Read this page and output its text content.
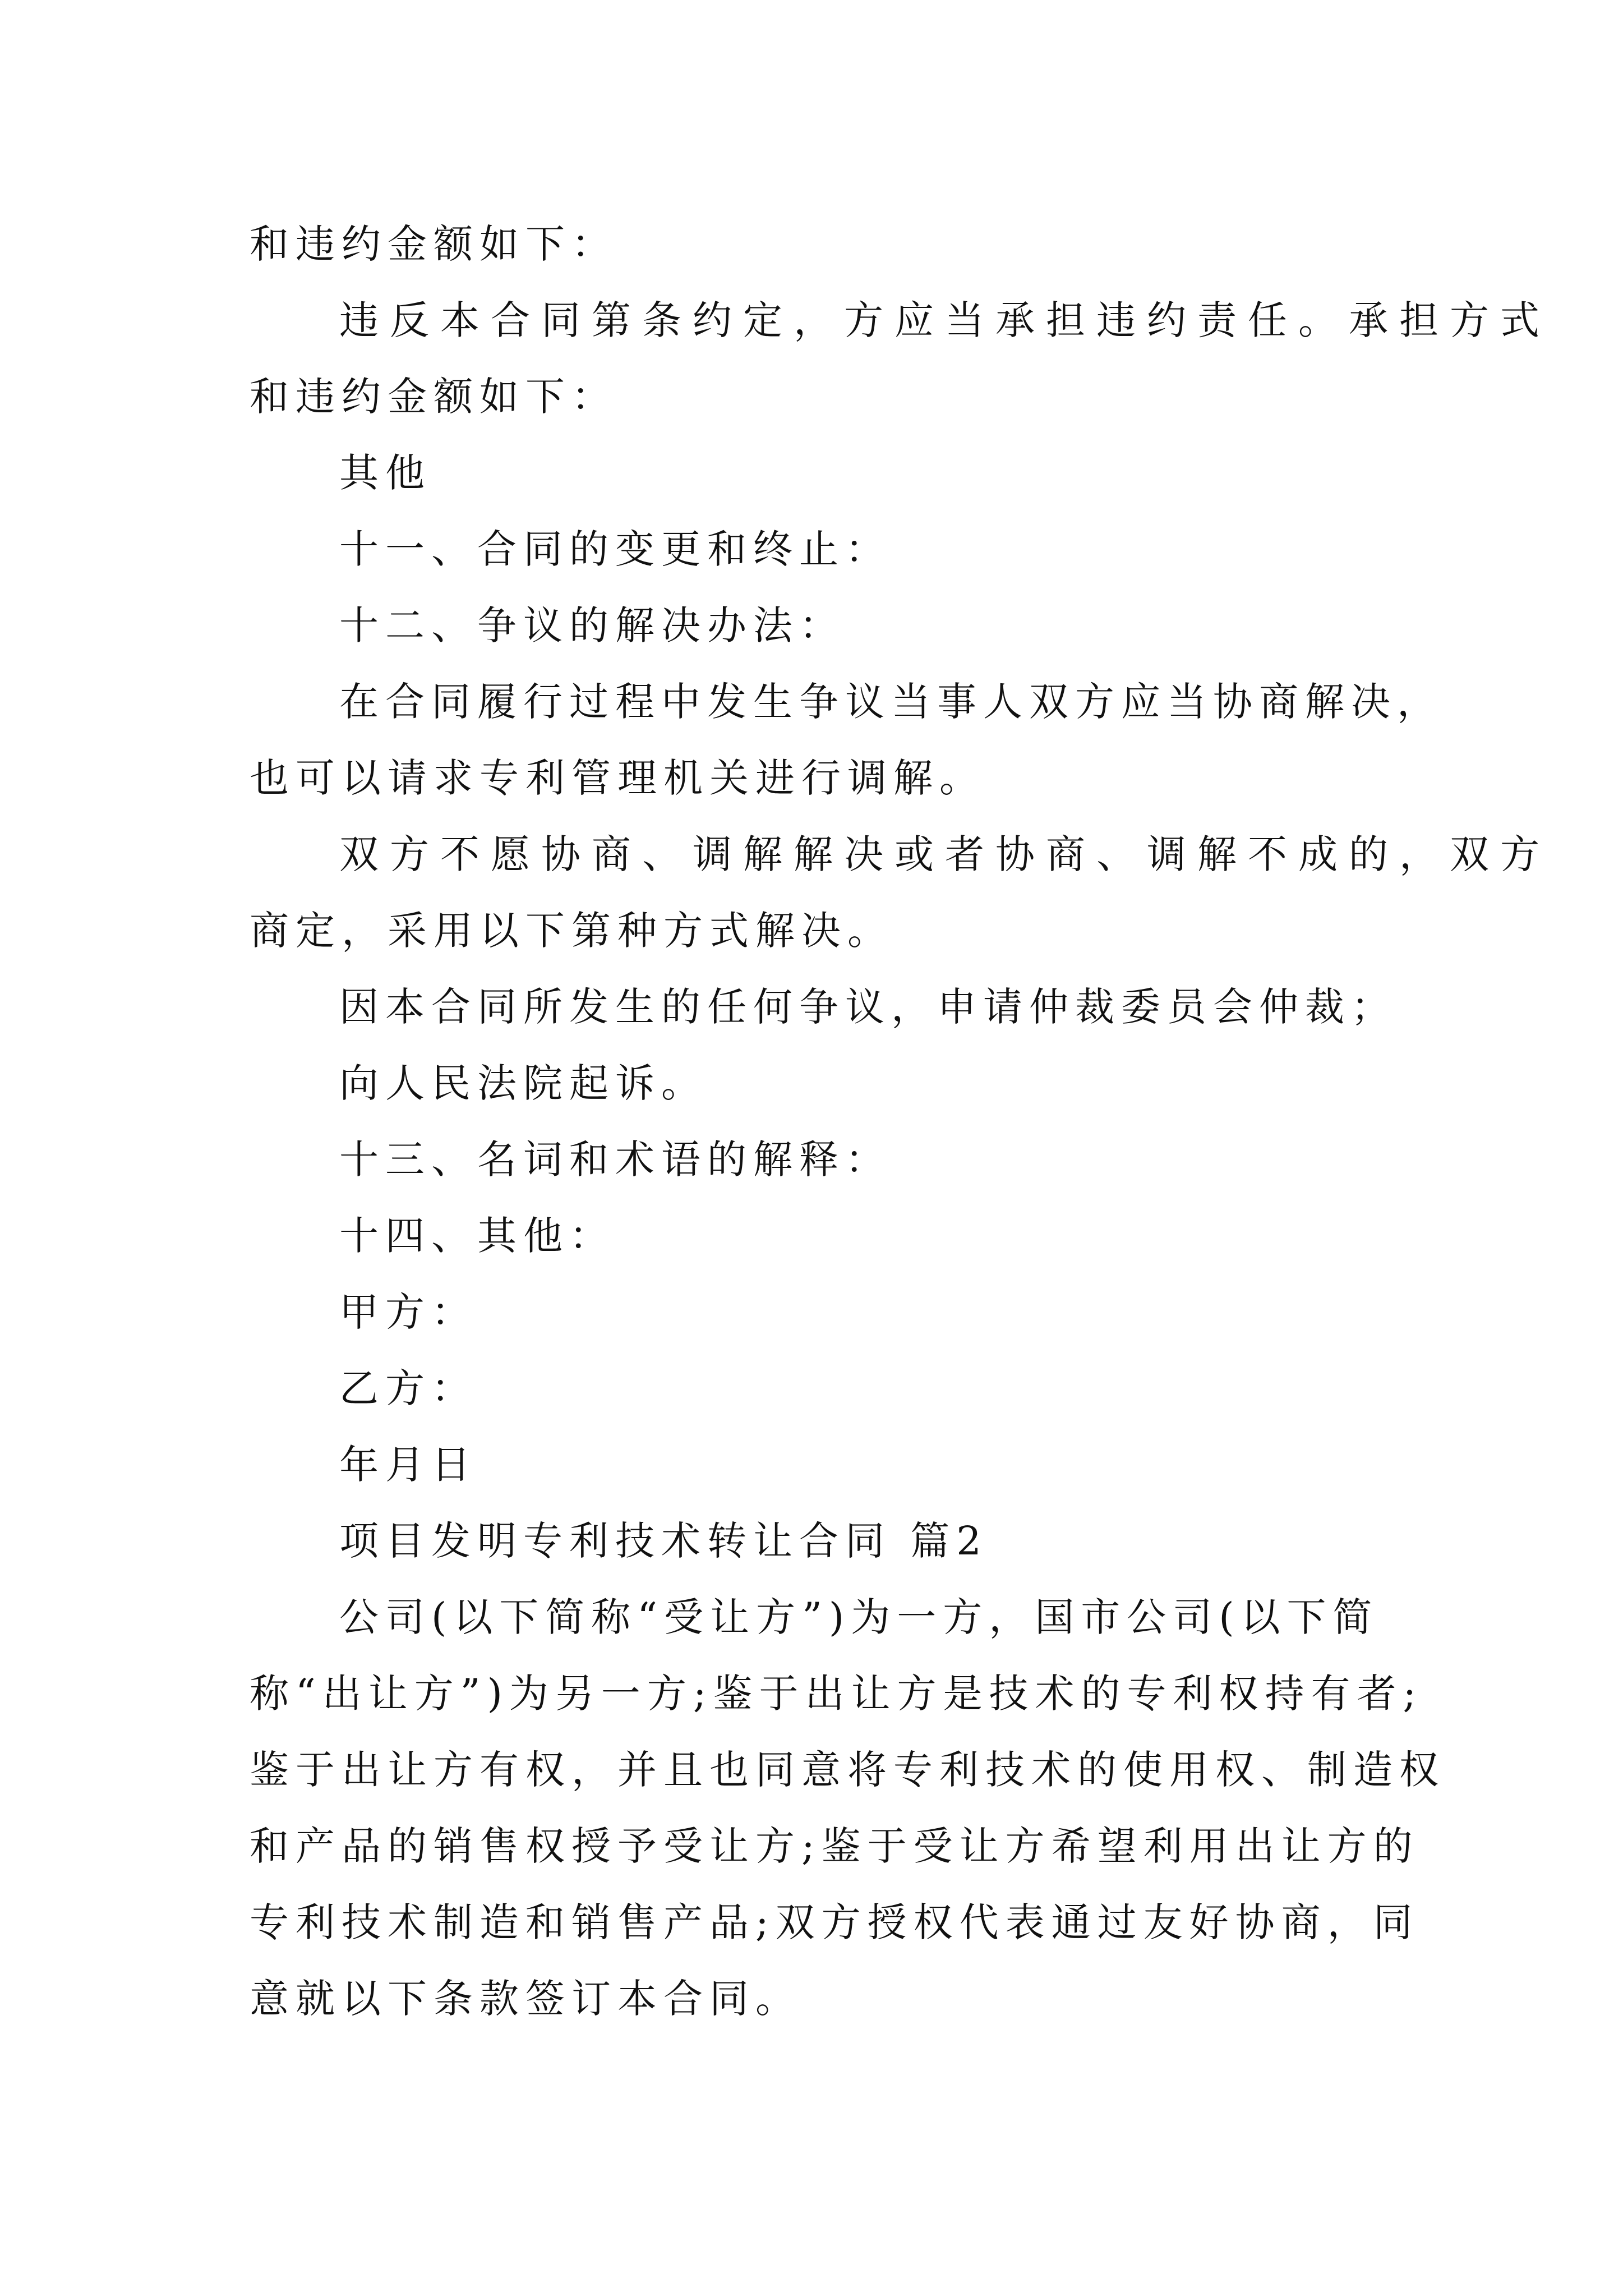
和违约金额如下：
违反本合同第条约定，方应当承担违约责任。承担方式
和违约金额如下：
其他
十一、合同的变更和终止：
十二、争议的解决办法：
在合同履行过程中发生争议当事人双方应当协商解决，
也可以请求专利管理机关进行调解。
双方不愿协商、调解解决或者协商、调解不成的，双方
商定，采用以下第种方式解决。
因本合同所发生的任何争议，申请仲裁委员会仲裁；
向人民法院起诉。
十三、名词和术语的解释：
十四、其他：
甲方：
乙方：
年月日
项目发明专利技术转让合同 篇2
公司(以下简称“受让方”)为一方，国市公司(以下简
称“出让方”)为另一方;鉴于出让方是技术的专利权持有者;
鉴于出让方有权，并且也同意将专利技术的使用权、制造权
和产品的销售权授予受让方;鉴于受让方希望利用出让方的
专利技术制造和销售产品;双方授权代表通过友好协商，同
意就以下条款签订本合同。
